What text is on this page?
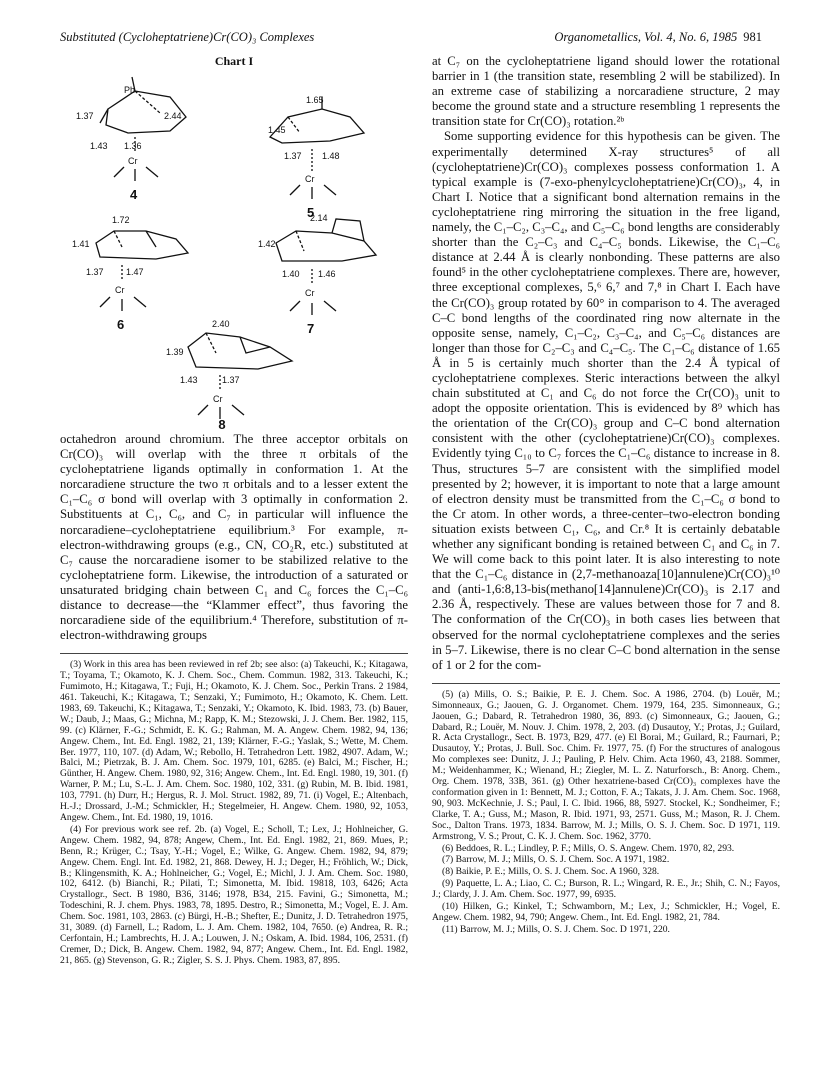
Substituted (Cycloheptatriene)Cr(CO)₃ Complexes	Organometallics, Vol. 4, No. 6, 1985 981
Chart I
Ph
1.37	2.44
1.43 1.36
Cr
4
1.65
1.45
1.37 1.48
Cr
5
1.72
1.41
1.37 1.47
Cr
6
2.14
1.42
1.40 1.46
Cr
7
2.40
1.39
1.43	1.37
Cr
8

octahedron around chromium. The three acceptor orbitals on Cr(CO)₃ will overlap with the three π orbitals of the cycloheptatriene ligands optimally in conformation 1. At the norcaradiene structure the two π orbitals and to a lesser extent the C₁–C₆ σ bond will overlap with 3 optimally in conformation 2. Substituents at C₁, C₆, and C₇ in particular will influence the norcaradiene–cycloheptatriene equilibrium.³ For example, π-electron-withdrawing groups (e.g., CN, CO₂R, etc.) substituted at C₇ cause the norcaradiene isomer to be stabilized relative to the cycloheptatriene form. Likewise, the introduction of a saturated or unsaturated bridging chain between C₁ and C₆ forces the C₁–C₆ distance to decrease—the “Klammer effect”, thus favoring the norcaradiene side of the equilibrium.⁴ Therefore, substitution of π-electron-withdrawing groups

(3) Work in this area has been reviewed in ref 2b; see also: (a) Takeuchi, K.; Kitagawa, T.; Toyama, T.; Okamoto, K. J. Chem. Soc., Chem. Commun. 1982, 313. Takeuchi, K.; Fumimoto, H.; Kitagawa, T.; Fuji, H.; Okamoto, K. J. Chem. Soc., Perkin Trans. 2 1984, 461. Takeuchi, K.; Kitagawa, T.; Senzaki, Y.; Fumimoto, H.; Okamoto, K. Chem. Lett. 1983, 69. Takeuchi, K.; Kitagawa, T.; Senzaki, Y.; Okamoto, K. Ibid. 1983, 73. (b) Bauer, W.; Daub, J.; Maas, G.; Michna, M.; Rapp, K. M.; Stezowski, J. J. Chem. Ber. 1982, 115, 99. (c) Klärner, F.-G.; Schmidt, E. K. G.; Rahman, M. A. Angew. Chem. 1982, 94, 136; Angew. Chem., Int. Ed. Engl. 1982, 21, 139; Klärner, F.-G.; Yaslak, S.; Wette, M. Chem. Ber. 1977, 110, 107. (d) Adam, W.; Rebollo, H. Tetrahedron Lett. 1982, 4907. Adam, W.; Balci, M.; Pietrzak, B. J. Am. Chem. Soc. 1979, 101, 6285. (e) Balci, M.; Fischer, H.; Günther, H. Angew. Chem. 1980, 92, 316; Angew. Chem., Int. Ed. Engl. 1980, 19, 301. (f) Warner, P. M.; Lu, S.-L. J. Am. Chem. Soc. 1980, 102, 331. (g) Rubin, M. B. Ibid. 1981, 103, 7791. (h) Durr, H.; Hergus, R. J. Mol. Struct. 1982, 89, 71. (i) Vogel, E.; Altenbach, H.-J.; Drossard, J.-M.; Schmickler, H.; Stegelmeier, H. Angew. Chem. 1980, 92, 1053, Angew. Chem., Int. Ed. 1980, 19, 1016.

(4) For previous work see ref. 2b. (a) Vogel, E.; Scholl, T.; Lex, J.; Hohlneicher, G. Angew. Chem. 1982, 94, 878; Angew, Chem., Int. Ed. Engl. 1982, 21, 869. Mues, P.; Benn, R.; Krüger, C.; Tsay, Y.-H.; Vogel, E.; Wilke, G. Angew. Chem. 1982, 94, 879; Angew. Chem. Engl. Int. Ed. 1982, 21, 868. Dewey, H. J.; Deger, H.; Fröhlich, W.; Dick, B.; Klingensmith, K. A.; Hohlneicher, G.; Vogel, E.; Michl, J. J. Am. Chem. Soc. 1980, 102, 6412. (b) Bianchi, R.; Pilati, T.; Simonetta, M. Ibid. 19818, 103, 6426; Acta Crystallogr., Sect. B 1980, B36, 3146; 1978, B34, 215. Favini, G.; Simonetta, M.; Todeschini, R. J. chem. Phys. 1983, 78, 1895. Destro, R.; Simonetta, M.; Vogel, E. J. Am. Chem. Soc. 1981, 103, 2863. (c) Bürgi, H.-B.; Shefter, E.; Dunitz, J. D. Tetrahedron 1975, 31, 3089. (d) Farnell, L.; Radom, L. J. Am. Chem. 1982, 104, 7650. (e) Andrea, R. R.; Cerfontain, H.; Lambrechts, H. J. A.; Louwen, J. N.; Oskam, A. Ibid. 1984, 106, 2531. (f) Cremer, D.; Dick, B. Angew. Chem. 1982, 94, 877; Angew. Chem., Int. Ed. Engl. 1982, 21, 865. (g) Stevenson, G. R.; Zigler, S. S. J. Phys. Chem. 1983, 87, 895.

at C₇ on the cycloheptatriene ligand should lower the rotational barrier in 1 (the transition state, resembling 2 will be stabilized). In an extreme case of stabilizing a norcaradiene structure, 2 may become the ground state and a structure resembling 1 represents the transition state for Cr(CO)₃ rotation.²ᵇ

Some supporting evidence for this hypothesis can be given. The experimentally determined X-ray structures⁵ of all (cycloheptatriene)Cr(CO)₃ complexes possess conformation 1. A typical example is (7-exo-phenylcycloheptatriene)Cr(CO)₃, 4, in Chart I. Notice that a significant bond alternation remains in the cycloheptatriene ring mirroring the situation in the free ligand, namely, the C₁–C₂, C₃–C₄, and C₅–C₆ bond lengths are considerably shorter than the C₂–C₃ and C₄–C₅ bonds. Likewise, the C₁–C₆ distance at 2.44 Å is clearly nonbonding. These patterns are also found⁵ in the other cycloheptatriene complexes. There are, however, three exceptional complexes, 5,⁶ 6,⁷ and 7,⁸ in Chart I. Each have the Cr(CO)₃ group rotated by 60° in comparison to 4. The averaged C–C bond lengths of the coordinated ring now alternate in the opposite sense, namely, C₁–C₂, C₃–C₄, and C₅–C₆ distances are longer than those for C₂–C₃ and C₄–C₅. The C₁–C₆ distance of 1.65 Å in 5 is certainly much shorter than the 2.4 Å typical of cycloheptatriene complexes. Steric interactions between the alkyl chain substituted at C₁ and C₆ do not force the Cr(CO)₃ unit to adopt the opposite orientation. This is evidenced by 8⁹ which has the orientation of the Cr(CO)₃ group and C–C bond alternation consistent with the other (cycloheptatriene)Cr(CO)₃ complexes. Evidently tying C₁₀ to C₇ forces the C₁–C₆ distance to increase in 8. Thus, structures 5–7 are consistent with the simplified model presented by 2; however, it is important to note that a large amount of electron density must be transmitted from the C₁–C₆ σ bond to the Cr atom. In other words, a three-center–two-electron bonding situation exists between C₁, C₆, and Cr.⁸ It is certainly debatable whether any significant bonding is retained between C₁ and C₆ in 7. We will come back to this point later. It is also interesting to note that the C₁–C₆ distance in (2,7-methanoaza[10]annulene)Cr(CO)₃¹⁰ and (anti-1,6:8,13-bis(methano[14]annulene)Cr(CO)₃ is 2.17 and 2.36 Å, respectively. These are values between those for 7 and 8. The conformation of the Cr(CO)₃ in both cases lies between that observed for the normal cycloheptatriene complexes and the series in 5–7. Likewise, there is no clear C–C bond alternation in the sense of 1 or 2 for the com-

(5) (a) Mills, O. S.; Baikie, P. E. J. Chem. Soc. A 1986, 2704. (b) Louër, M.; Simonneaux, G.; Jaouen, G. J. Organomet. Chem. 1979, 164, 235. Simonneaux, G.; Jaouen, G.; Dabard, R. Tetrahedron 1980, 36, 893. (c) Simonneaux, G.; Jaouen, G.; Dabard, R.; Louër, M. Nouv. J. Chim. 1978, 2, 203. (d) Dusautoy, Y.; Protas, J.; Guilard, R. Acta Crystallogr., Sect. B. 1973, B29, 477. (e) El Borai, M.; Guilard, R.; Faurnari, P.; Dusautoy, Y.; Protas, J. Bull. Soc. Chim. Fr. 1977, 75. (f) For the structures of analogous Mo complexes see: Dunitz, J. J.; Pauling, P. Helv. Chim. Acta 1960, 43, 2188. Sommer, M.; Weidenhammer, K.; Wienand, H.; Ziegler, M. L. Z. Naturforsch., B: Anorg. Chem., Org. Chem. 1978, 33B, 361. (g) Other hexatriene-based Cr(CO)₃ complexes have the conformation given in 1: Bennett, M. J.; Cotton, F. A.; Takats, J. J. Am. Chem. Soc. 1968, 90, 903. McKechnie, J. S.; Paul, I. C. Ibid. 1966, 88, 5927. Stockel, K.; Sondheimer, F.; Clarke, T. A.; Guss, M.; Mason, R. Ibid. 1971, 93, 2571. Guss, M.; Mason, R. J. Chem. Soc., Dalton Trans. 1973, 1834. Barrow, M. J.; Mills, O. S. J. Chem. Soc. D 1971, 119. Armstrong, V. S.; Prout, C. K. J. Chem. Soc. 1962, 3770.

(6) Beddoes, R. L.; Lindley, P. F.; Mills, O. S. Angew. Chem. 1970, 82, 293.

(7) Barrow, M. J.; Mills, O. S. J. Chem. Soc. A 1971, 1982.

(8) Baikie, P. E.; Mills, O. S. J. Chem. Soc. A 1960, 328.

(9) Paquette, L. A.; Liao, C. C.; Burson, R. L.; Wingard, R. E., Jr.; Shih, C. N.; Fayos, J.; Clardy, J. J. Am. Chem. Soc. 1977, 99, 6935.

(10) Hilken, G.; Kinkel, T.; Schwamborn, M.; Lex, J.; Schmickler, H.; Vogel, E. Angew. Chem. 1982, 94, 790; Angew. Chem., Int. Ed. Engl. 1982, 21, 784.

(11) Barrow, M. J.; Mills, O. S. J. Chem. Soc. D 1971, 220.
